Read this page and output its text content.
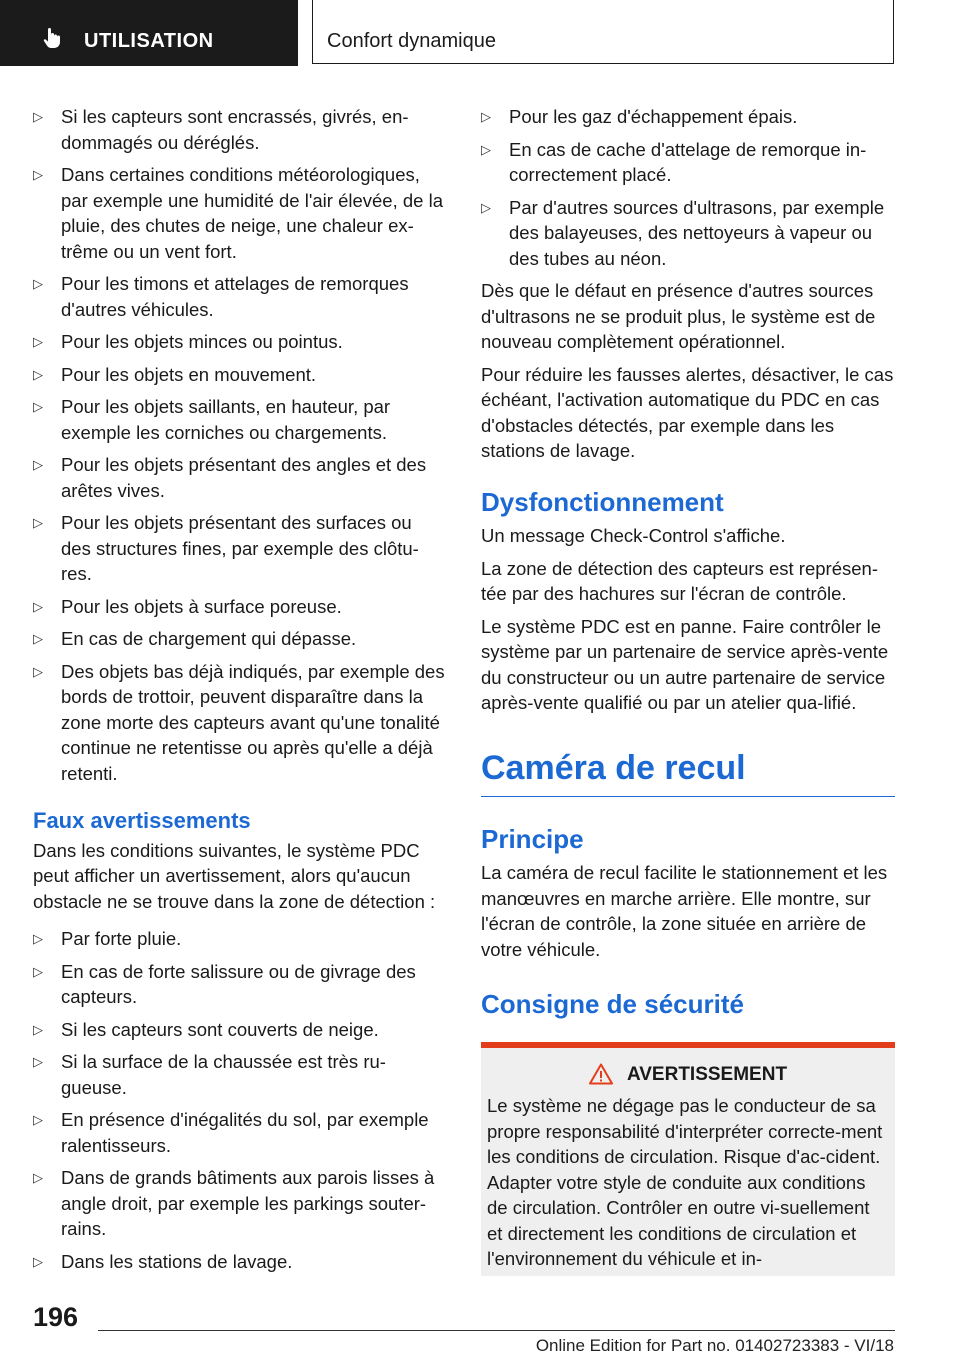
UTILISATION	Confort dynamique
▷ Si les capteurs sont encrassés, givrés, en-dommagés ou déréglés.
▷ Dans certaines conditions météorologiques, par exemple une humidité de l'air élevée, de la pluie, des chutes de neige, une chaleur ex-trême ou un vent fort.
▷ Pour les timons et attelages de remorques d'autres véhicules.
▷ Pour les objets minces ou pointus.
▷ Pour les objets en mouvement.
▷ Pour les objets saillants, en hauteur, par exemple les corniches ou chargements.
▷ Pour les objets présentant des angles et des arêtes vives.
▷ Pour les objets présentant des surfaces ou des structures fines, par exemple des clôtu-res.
▷ Pour les objets à surface poreuse.
▷ En cas de chargement qui dépasse.
▷ Des objets bas déjà indiqués, par exemple des bords de trottoir, peuvent disparaître dans la zone morte des capteurs avant qu'une tonalité continue ne retentisse ou après qu'elle a déjà retenti.
Faux avertissements
Dans les conditions suivantes, le système PDC peut afficher un avertissement, alors qu'aucun obstacle ne se trouve dans la zone de détection :
▷ Par forte pluie.
▷ En cas de forte salissure ou de givrage des capteurs.
▷ Si les capteurs sont couverts de neige.
▷ Si la surface de la chaussée est très ru-gueuse.
▷ En présence d'inégalités du sol, par exemple ralentisseurs.
▷ Dans de grands bâtiments aux parois lisses à angle droit, par exemple les parkings souter-rains.
▷ Dans les stations de lavage.
▷ Pour les gaz d'échappement épais.
▷ En cas de cache d'attelage de remorque in-correctement placé.
▷ Par d'autres sources d'ultrasons, par exemple des balayeuses, des nettoyeurs à vapeur ou des tubes au néon.
Dès que le défaut en présence d'autres sources d'ultrasons ne se produit plus, le système est de nouveau complètement opérationnel.
Pour réduire les fausses alertes, désactiver, le cas échéant, l'activation automatique du PDC en cas d'obstacles détectés, par exemple dans les stations de lavage.
Dysfonctionnement
Un message Check-Control s'affiche.
La zone de détection des capteurs est représen-tée par des hachures sur l'écran de contrôle.
Le système PDC est en panne. Faire contrôler le système par un partenaire de service après-vente du constructeur ou un autre partenaire de service après-vente qualifié ou par un atelier qua-lifié.
Caméra de recul
Principe
La caméra de recul facilite le stationnement et les manœuvres en marche arrière. Elle montre, sur l'écran de contrôle, la zone située en arrière de votre véhicule.
Consigne de sécurité
AVERTISSEMENT
Le système ne dégage pas le conducteur de sa propre responsabilité d'interpréter correcte-ment les conditions de circulation. Risque d'ac-cident. Adapter votre style de conduite aux conditions de circulation. Contrôler en outre vi-suellement et directement les conditions de circulation et l'environnement du véhicule et in-
196
Online Edition for Part no. 01402723383 - VI/18
